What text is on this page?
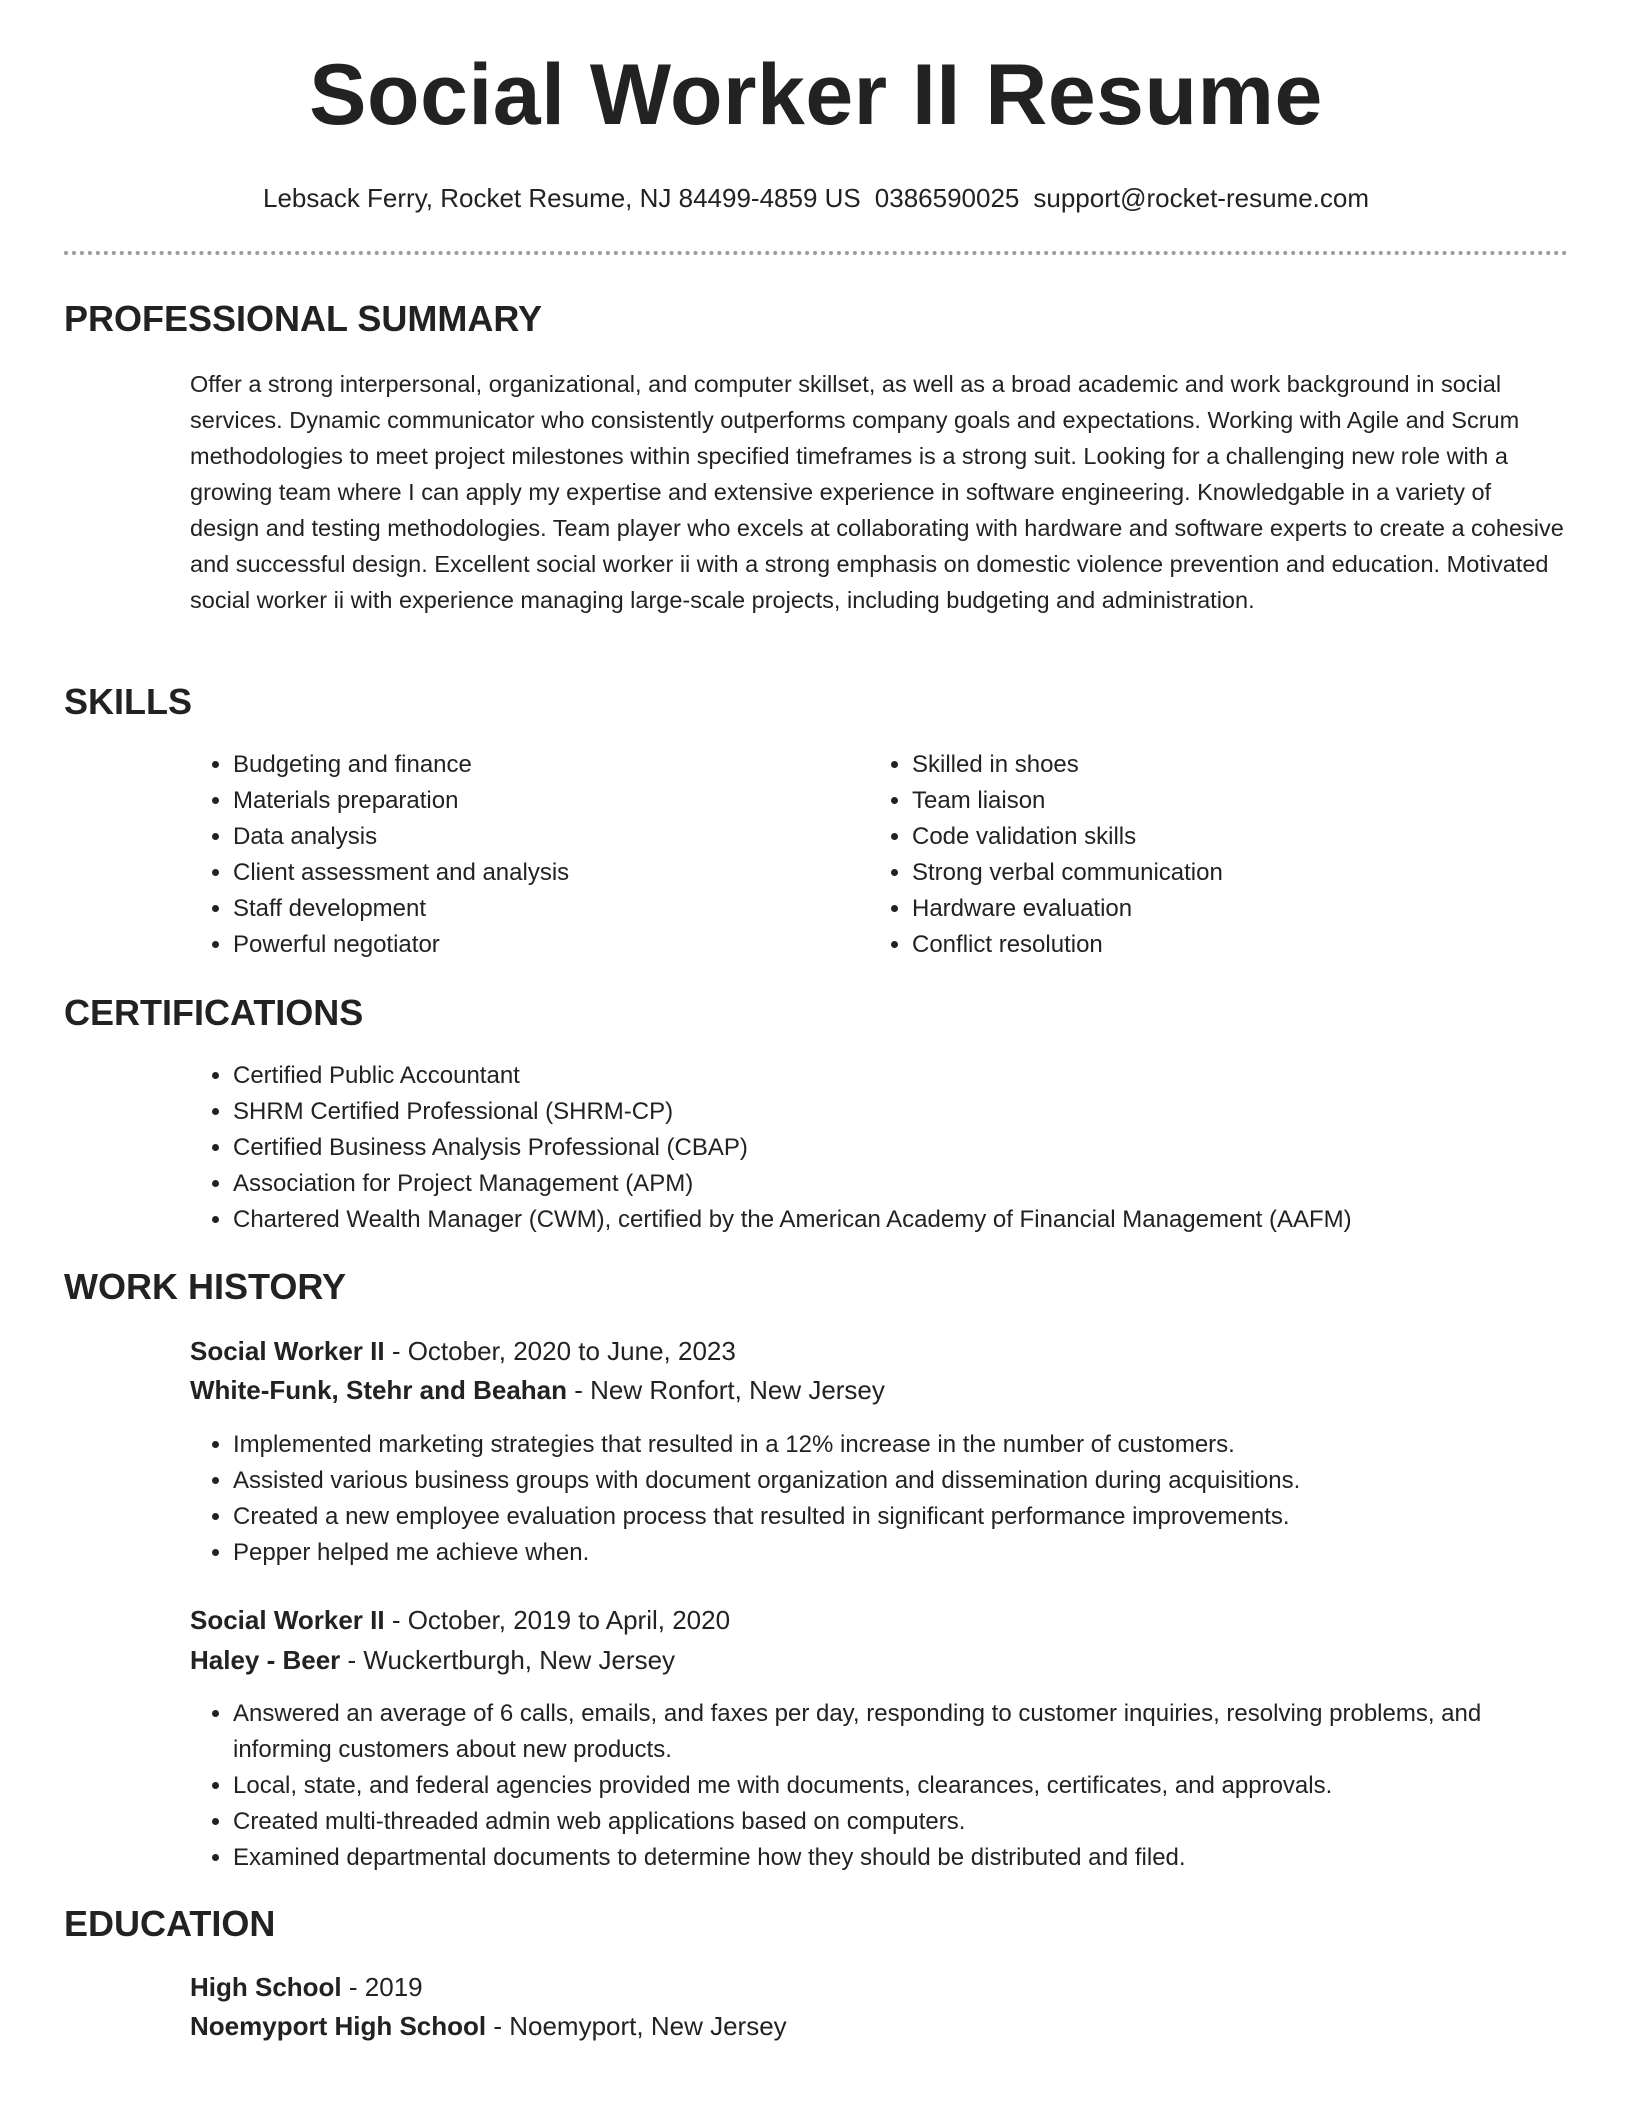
Social Worker II Resume
Lebsack Ferry, Rocket Resume, NJ 84499-4859 US 0386590025 support@rocket-resume.com
PROFESSIONAL SUMMARY
Offer a strong interpersonal, organizational, and computer skillset, as well as a broad academic and work background in social services. Dynamic communicator who consistently outperforms company goals and expectations. Working with Agile and Scrum methodologies to meet project milestones within specified timeframes is a strong suit. Looking for a challenging new role with a growing team where I can apply my expertise and extensive experience in software engineering. Knowledgable in a variety of design and testing methodologies. Team player who excels at collaborating with hardware and software experts to create a cohesive and successful design. Excellent social worker ii with a strong emphasis on domestic violence prevention and education. Motivated social worker ii with experience managing large-scale projects, including budgeting and administration.
SKILLS
• Budgeting and finance
• Materials preparation
• Data analysis
• Client assessment and analysis
• Staff development
• Powerful negotiator
• Skilled in shoes
• Team liaison
• Code validation skills
• Strong verbal communication
• Hardware evaluation
• Conflict resolution
CERTIFICATIONS
• Certified Public Accountant
• SHRM Certified Professional (SHRM-CP)
• Certified Business Analysis Professional (CBAP)
• Association for Project Management (APM)
• Chartered Wealth Manager (CWM), certified by the American Academy of Financial Management (AAFM)
WORK HISTORY
Social Worker II - October, 2020 to June, 2023
White-Funk, Stehr and Beahan - New Ronfort, New Jersey
• Implemented marketing strategies that resulted in a 12% increase in the number of customers.
• Assisted various business groups with document organization and dissemination during acquisitions.
• Created a new employee evaluation process that resulted in significant performance improvements.
• Pepper helped me achieve when.
Social Worker II - October, 2019 to April, 2020
Haley - Beer - Wuckertburgh, New Jersey
• Answered an average of 6 calls, emails, and faxes per day, responding to customer inquiries, resolving problems, and informing customers about new products.
• Local, state, and federal agencies provided me with documents, clearances, certificates, and approvals.
• Created multi-threaded admin web applications based on computers.
• Examined departmental documents to determine how they should be distributed and filed.
EDUCATION
High School - 2019
Noemyport High School - Noemyport, New Jersey
